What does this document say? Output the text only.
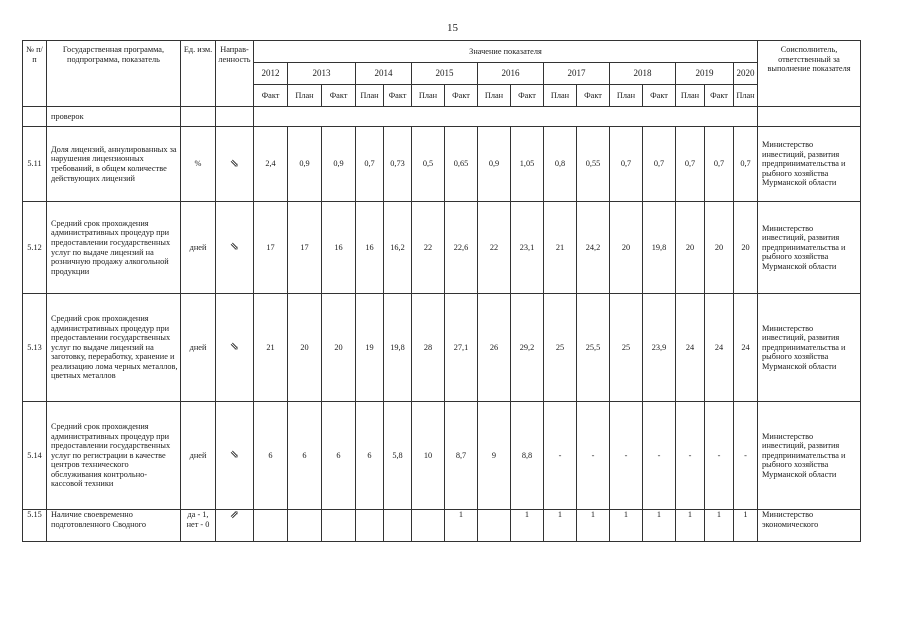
15
№ п/п	Государственная программа, подпрограмма, показатель	Ед. изм.	Направ-ленность	Значение показателя																Соисполнитель, ответственный за выполнение показателя
				2012	2013		2014		2015		2016		2017		2018		2019		2020	
				Факт	План	Факт	План	Факт	План	Факт	План	Факт	План	Факт	План	Факт	План	Факт	План	
	проверок																			
5.11	Доля лицензий, аннулированных за нарушения лицензионных требований, в общем количестве действующих лицензий	%	⇘	2,4	0,9	0,9	0,7	0,73	0,5	0,65	0,9	1,05	0,8	0,55	0,7	0,7	0,7	0,7	0,7	Министерство инвестиций, развития предпринимательства и рыбного хозяйства Мурманской области
5.12	Средний срок прохождения административных процедур при предоставлении государственных услуг по выдаче лицензий на розничную продажу алкогольной продукции	дней	⇘	17	17	16	16	16,2	22	22,6	22	23,1	21	24,2	20	19,8	20	20	20	Министерство инвестиций, развития предпринимательства и рыбного хозяйства Мурманской области
5.13	Средний срок прохождения административных процедур при предоставлении государственных услуг по выдаче лицензий на заготовку, переработку, хранение и реализацию лома черных металлов, цветных металлов	дней	⇘	21	20	20	19	19,8	28	27,1	26	29,2	25	25,5	25	23,9	24	24	24	Министерство инвестиций, развития предпринимательства и рыбного хозяйства Мурманской области
5.14	Средний срок прохождения административных процедур при предоставлении государственных услуг по регистрации в качестве центров технического обслуживания контрольно-кассовой техники	дней	⇘	6	6	6	6	5,8	10	8,7	9	8,8	-	-	-	-	-	-	-	Министерство инвестиций, развития предпринимательства и рыбного хозяйства Мурманской области
5.15	Наличие своевременно подготовленного Сводного	да - 1, нет - 0	⇗							1		1	1	1	1	1	1	1	1	Министерство экономического
